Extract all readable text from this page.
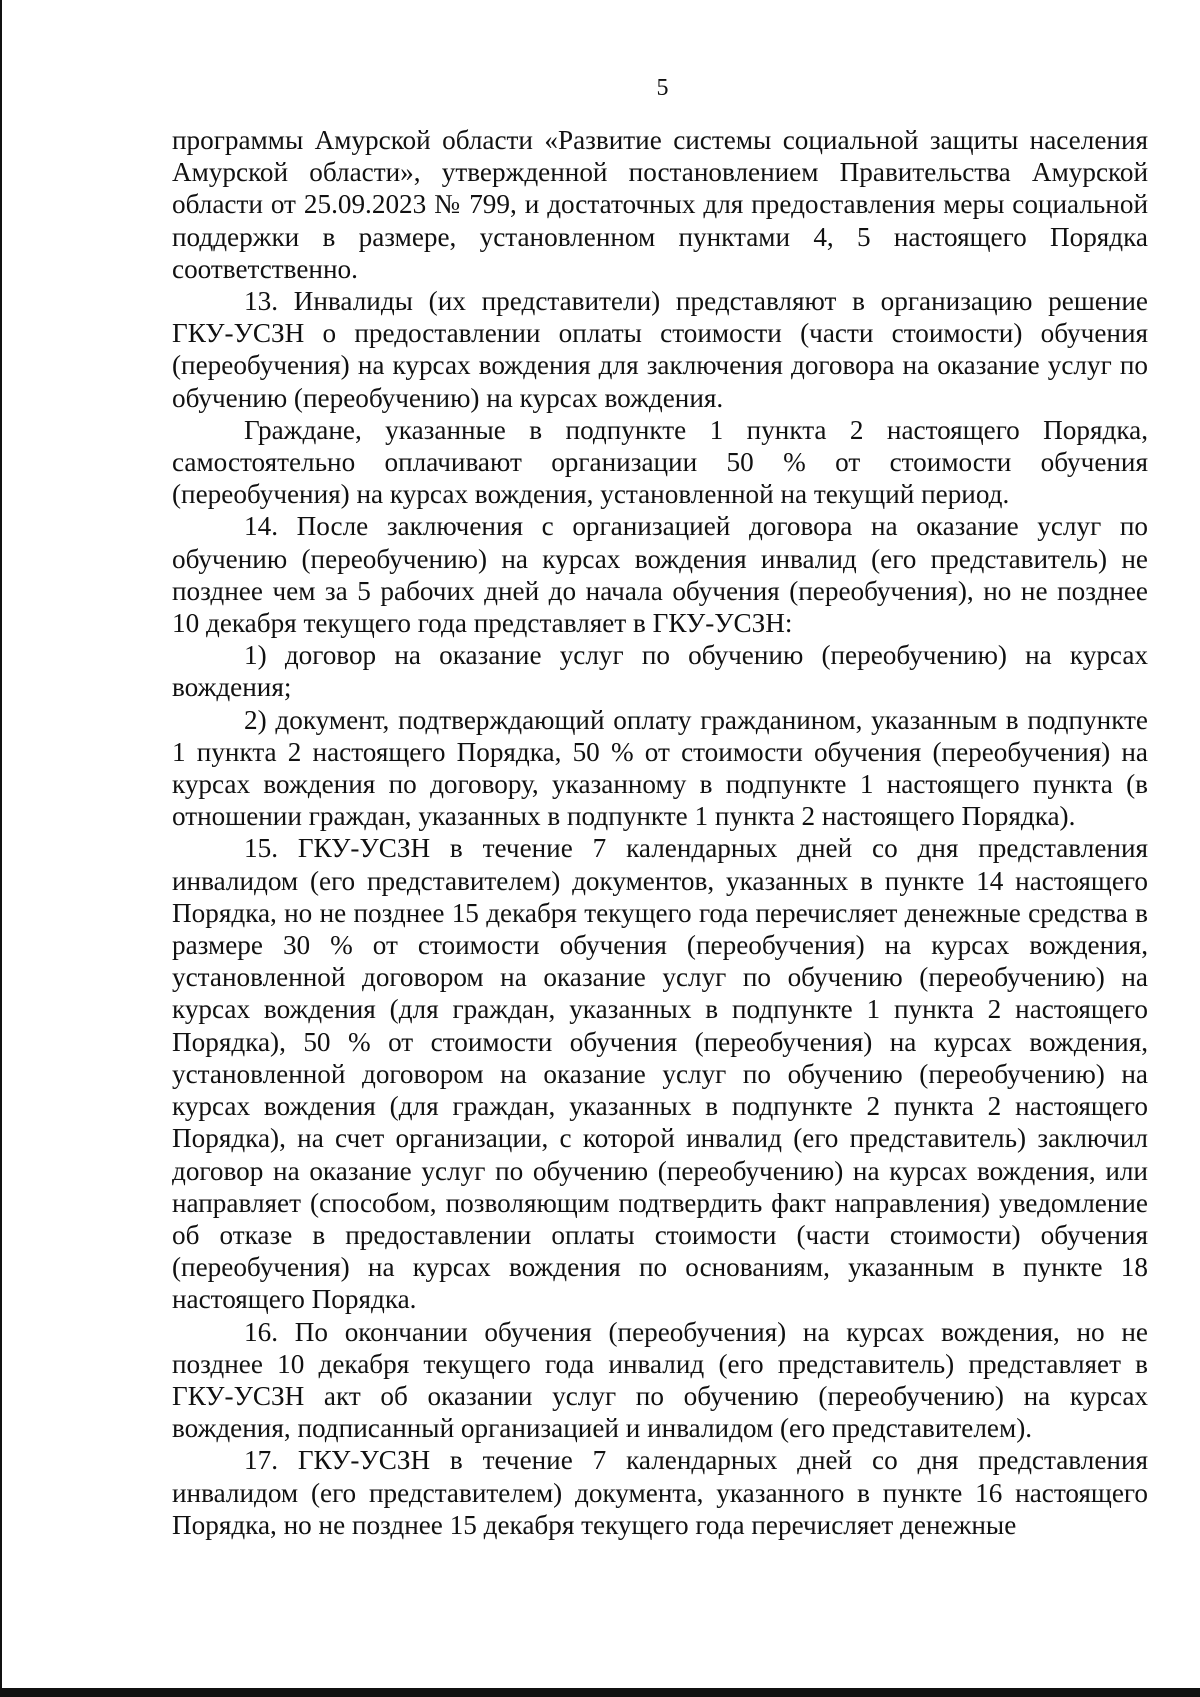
5

программы Амурской области «Развитие системы социальной защиты населения Амурской области», утвержденной постановлением Правительства Амурской области от 25.09.2023 № 799, и достаточных для предоставления меры социальной поддержки в размере, установленном пунктами 4, 5 настоящего Порядка соответственно.

13. Инвалиды (их представители) представляют в организацию решение ГКУ-УСЗН о предоставлении оплаты стоимости (части стоимости) обучения (переобучения) на курсах вождения для заключения договора на оказание услуг по обучению (переобучению) на курсах вождения.

Граждане, указанные в подпункте 1 пункта 2 настоящего Порядка, самостоятельно оплачивают организации 50 % от стоимости обучения (переобучения) на курсах вождения, установленной на текущий период.

14. После заключения с организацией договора на оказание услуг по обучению (переобучению) на курсах вождения инвалид (его представитель) не позднее чем за 5 рабочих дней до начала обучения (переобучения), но не позднее 10 декабря текущего года представляет в ГКУ-УСЗН:

1) договор на оказание услуг по обучению (переобучению) на курсах вождения;

2) документ, подтверждающий оплату гражданином, указанным в подпункте 1 пункта 2 настоящего Порядка, 50 % от стоимости обучения (переобучения) на курсах вождения по договору, указанному в подпункте 1 настоящего пункта (в отношении граждан, указанных в подпункте 1 пункта 2 настоящего Порядка).

15. ГКУ-УСЗН в течение 7 календарных дней со дня представления инвалидом (его представителем) документов, указанных в пункте 14 настоящего Порядка, но не позднее 15 декабря текущего года перечисляет денежные средства в размере 30 % от стоимости обучения (переобучения) на курсах вождения, установленной договором на оказание услуг по обучению (переобучению) на курсах вождения (для граждан, указанных в подпункте 1 пункта 2 настоящего Порядка), 50 % от стоимости обучения (переобучения) на курсах вождения, установленной договором на оказание услуг по обучению (переобучению) на курсах вождения (для граждан, указанных в подпункте 2 пункта 2 настоящего Порядка), на счет организации, с которой инвалид (его представитель) заключил договор на оказание услуг по обучению (переобучению) на курсах вождения, или направляет (способом, позволяющим подтвердить факт направления) уведомление об отказе в предоставлении оплаты стоимости (части стоимости) обучения (переобучения) на курсах вождения по основаниям, указанным в пункте 18 настоящего Порядка.

16. По окончании обучения (переобучения) на курсах вождения, но не позднее 10 декабря текущего года инвалид (его представитель) представляет в ГКУ-УСЗН акт об оказании услуг по обучению (переобучению) на курсах вождения, подписанный организацией и инвалидом (его представителем).

17. ГКУ-УСЗН в течение 7 календарных дней со дня представления инвалидом (его представителем) документа, указанного в пункте 16 настоящего Порядка, но не позднее 15 декабря текущего года перечисляет денежные
